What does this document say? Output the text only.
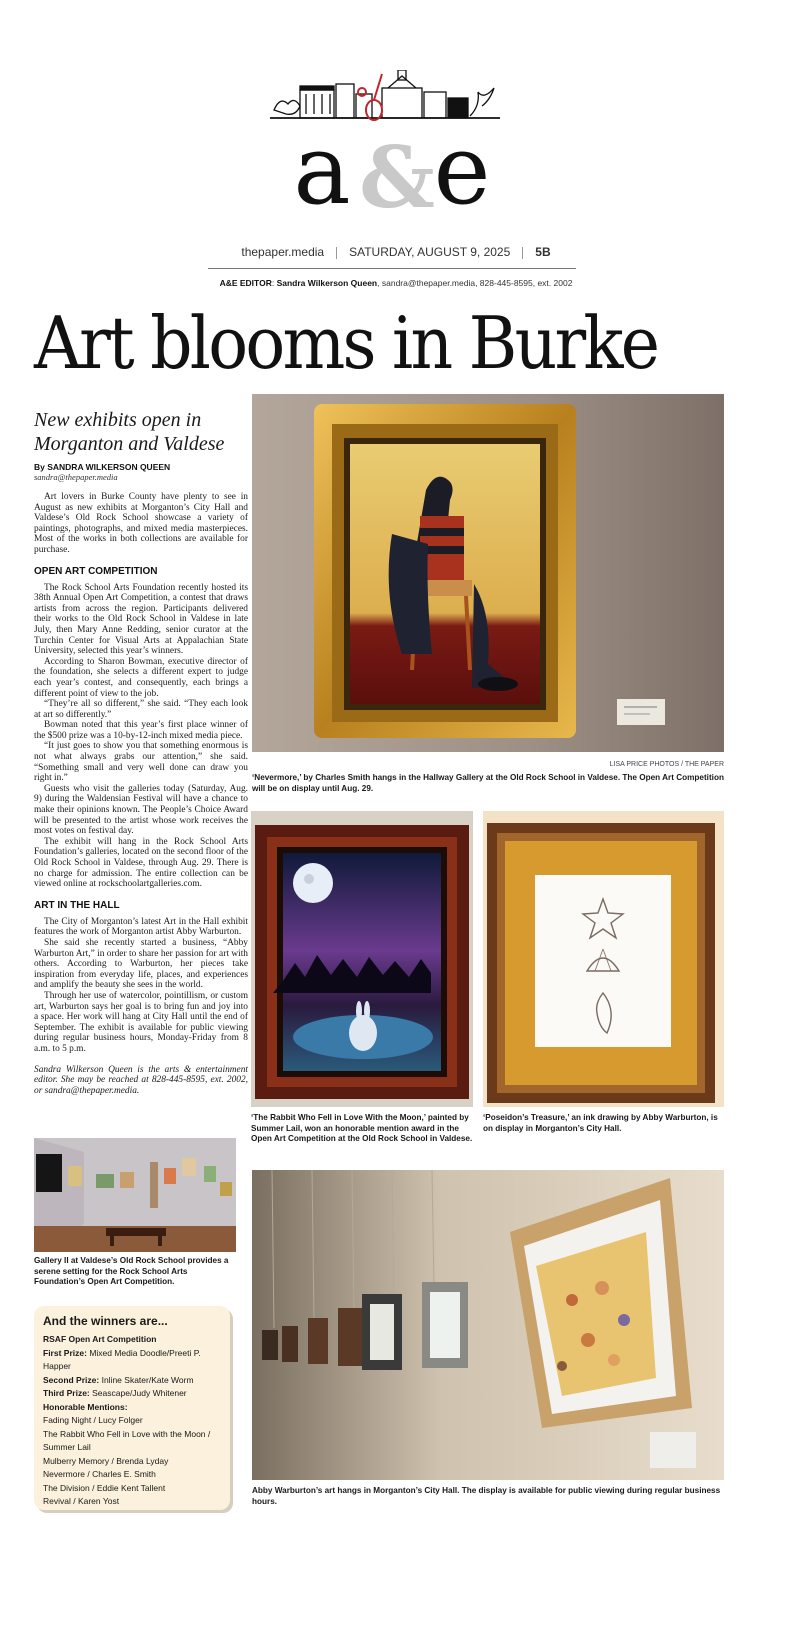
&
a e
thepaper.media SATURDAY, AUGUST 9, 2025 5B
A&E EDITOR: Sandra Wilkerson Queen, sandra@thepaper.media, 828-445-8595, ext. 2002
Art blooms in Burke
New exhibits open in Morganton and Valdese
By SANDRA WILKERSON QUEEN
sandra@thepaper.media

Art lovers in Burke County have plenty to see in August as new exhibits at Morganton’s City Hall and Valdese’s Old Rock School showcase a variety of paintings, photographs, and mixed media masterpieces. Most of the works in both collections are available for purchase.

OPEN ART COMPETITION

The Rock School Arts Foundation recently hosted its 38th Annual Open Art Competition, a contest that draws artists from across the region. Participants delivered their works to the Old Rock School in Valdese in late July, then Mary Anne Redding, senior curator at the Turchin Center for Visual Arts at Appalachian State University, selected this year’s winners.

According to Sharon Bowman, executive director of the foundation, she selects a different expert to judge each year’s contest, and consequently, each brings a different point of view to the job.

“They’re all so different,” she said. “They each look at art so differently.”

Bowman noted that this year’s first place winner of the $500 prize was a 10-by-12-inch mixed media piece.

“It just goes to show you that something enormous is not what always grabs our attention,” she said. “Something small and very well done can draw you right in.”

Guests who visit the galleries today (Saturday, Aug. 9) during the Waldensian Festival will have a chance to make their opinions known. The People’s Choice Award will be presented to the artist whose work receives the most votes on festival day.

The exhibit will hang in the Rock School Arts Foundation’s galleries, located on the second floor of the Old Rock School in Valdese, through Aug. 29. There is no charge for admission. The entire collection can be viewed online at rockschoolartgalleries.com.

ART IN THE HALL

The City of Morganton’s latest Art in the Hall exhibit features the work of Morganton artist Abby Warburton.

She said she recently started a business, “Abby Warburton Art,” in order to share her passion for art with others. According to Warburton, her pieces take inspiration from everyday life, places, and experiences and amplify the beauty she sees in the world.

Through her use of watercolor, pointillism, or custom art, Warburton says her goal is to bring fun and joy into a space. Her work will hang at City Hall until the end of September. The exhibit is available for public viewing during regular business hours, Monday-Friday from 8 a.m. to 5 p.m.

Sandra Wilkerson Queen is the arts & entertainment editor. She may be reached at 828-445-8595, ext. 2002, or sandra@thepaper.media.

LISA PRICE PHOTOS / THE PAPER
‘Nevermore,’ by Charles Smith hangs in the Hallway Gallery at the Old Rock School in Valdese. The Open Art Competition will be on display until Aug. 29.
‘The Rabbit Who Fell in Love With the Moon,’ painted by Summer Lail, won an honorable mention award in the Open Art Competition at the Old Rock School in Valdese.
‘Poseidon’s Treasure,’ an ink drawing by Abby Warburton, is on display in Morganton’s City Hall.
Gallery II at Valdese’s Old Rock School provides a serene setting for the Rock School Arts Foundation’s Open Art Competition.
Abby Warburton’s art hangs in Morganton’s City Hall. The display is available for public viewing during regular business hours.
And the winners are...
RSAF Open Art Competition
First Prize: Mixed Media Doodle/Preeti P. Happer
Second Prize: Inline Skater/Kate Worm
Third Prize: Seascape/Judy Whitener
Honorable Mentions:
Fading Night / Lucy Folger
The Rabbit Who Fell in Love with the Moon / Summer Lail
Mulberry Memory / Brenda Lyday
Nevermore / Charles E. Smith
The Division / Eddie Kent Tallent
Revival / Karen Yost
